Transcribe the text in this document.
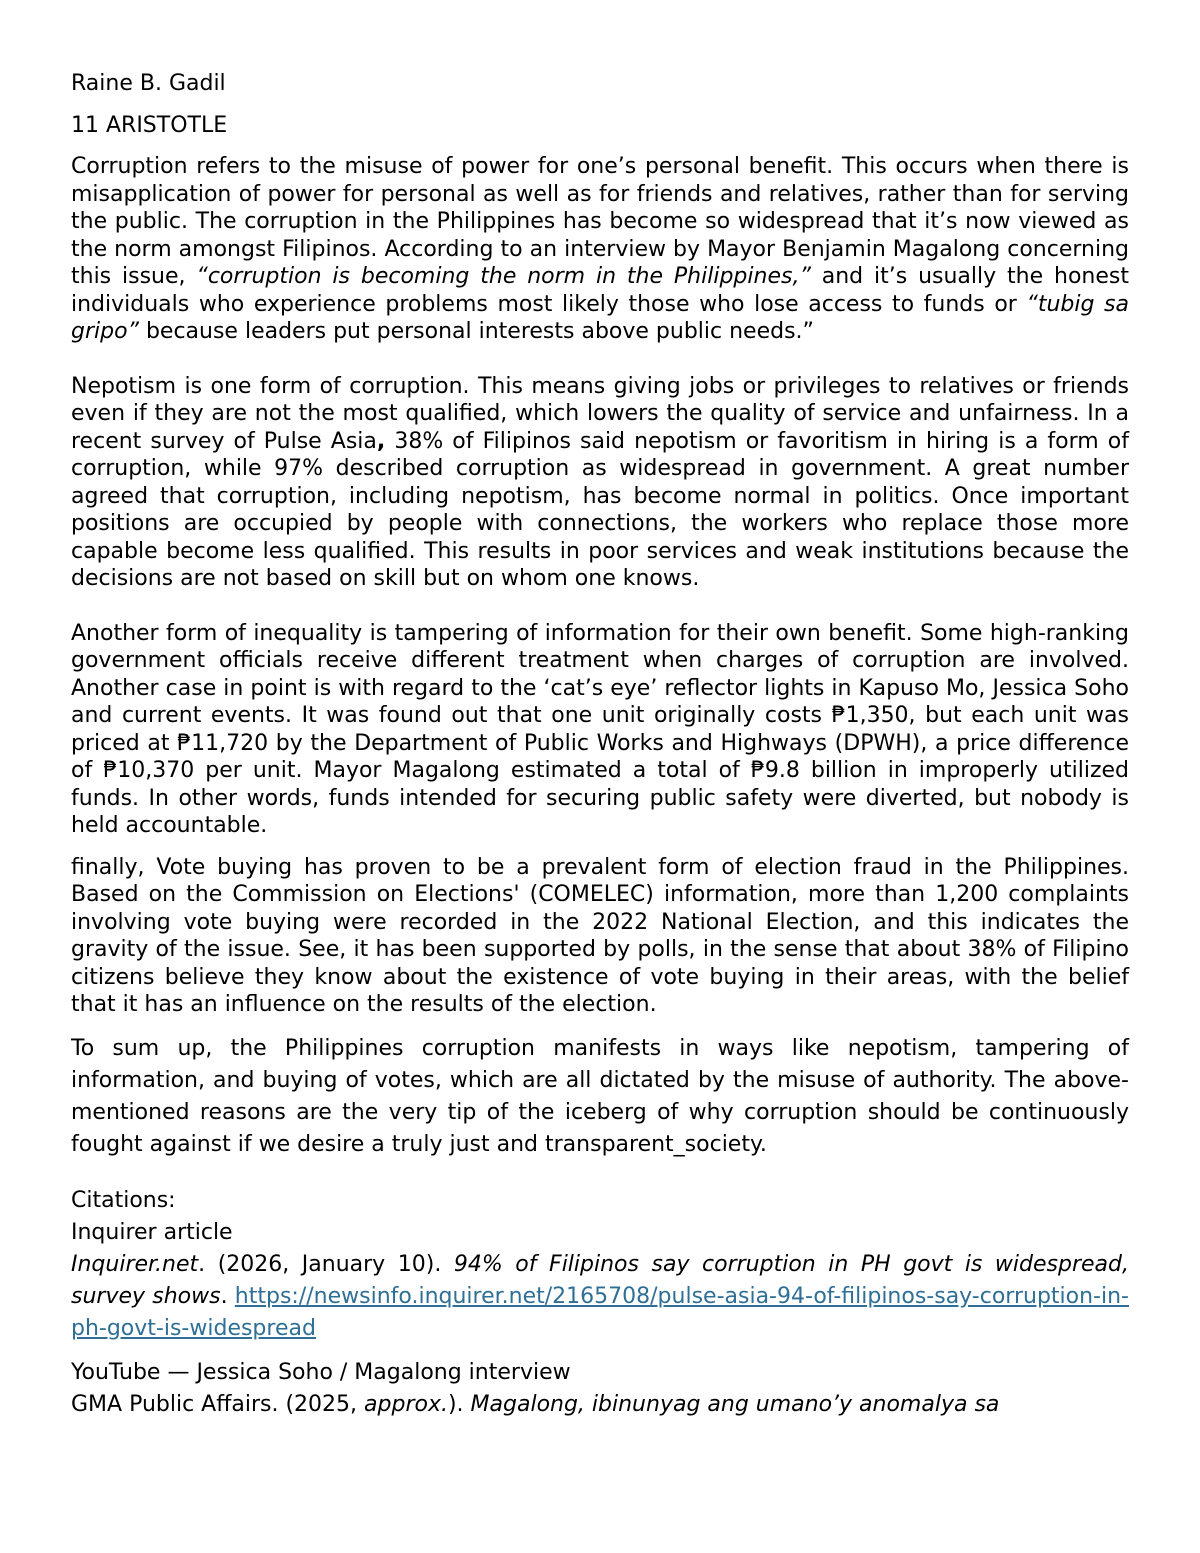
Raine B. Gadil

11 ARISTOTLE

Corruption refers to the misuse of power for one’s personal benefit. This occurs when there is misapplication of power for personal as well as for friends and relatives, rather than for serving the public. The corruption in the Philippines has become so widespread that it’s now viewed as the norm amongst Filipinos. According to an interview by Mayor Benjamin Magalong concerning this issue, “corruption is becoming the norm in the Philippines,” and it’s usually the honest individuals who experience problems most likely those who lose access to funds or “tubig sa gripo” because leaders put personal interests above public needs.”

Nepotism is one form of corruption. This means giving jobs or privileges to relatives or friends even if they are not the most qualified, which lowers the quality of service and unfairness. In a recent survey of Pulse Asia, 38% of Filipinos said nepotism or favoritism in hiring is a form of corruption, while 97% described corruption as widespread in government. A great number agreed that corruption, including nepotism, has become normal in politics. Once important positions are occupied by people with connections, the workers who replace those more capable become less qualified. This results in poor services and weak institutions because the decisions are not based on skill but on whom one knows.

Another form of inequality is tampering of information for their own benefit. Some high-ranking government officials receive different treatment when charges of corruption are involved. Another case in point is with regard to the ‘cat’s eye’ reflector lights in Kapuso Mo, Jessica Soho and current events. It was found out that one unit originally costs ₱1,350, but each unit was priced at ₱11,720 by the Department of Public Works and Highways (DPWH), a price difference of ₱10,370 per unit. Mayor Magalong estimated a total of ₱9.8 billion in improperly utilized funds. In other words, funds intended for securing public safety were diverted, but nobody is held accountable.

finally, Vote buying has proven to be a prevalent form of election fraud in the Philippines. Based on the Commission on Elections' (COMELEC) information, more than 1,200 complaints involving vote buying were recorded in the 2022 National Election, and this indicates the gravity of the issue. See, it has been supported by polls, in the sense that about 38% of Filipino citizens believe they know about the existence of vote buying in their areas, with the belief that it has an influence on the results of the election.

To sum up, the Philippines corruption manifests in ways like nepotism, tampering of information, and buying of votes, which are all dictated by the misuse of authority. The above-mentioned reasons are the very tip of the iceberg of why corruption should be continuously fought against if we desire a truly just and transparent_society.

Citations:

Inquirer article

Inquirer.net. (2026, January 10). 94% of Filipinos say corruption in PH govt is widespread, survey shows. https://newsinfo.inquirer.net/2165708/pulse-asia-94-of-filipinos-say-corruption-in-ph-govt-is-widespread

YouTube — Jessica Soho / Magalong interview

GMA Public Affairs. (2025, approx.). Magalong, ibinunyag ang umano’y anomalya sa
